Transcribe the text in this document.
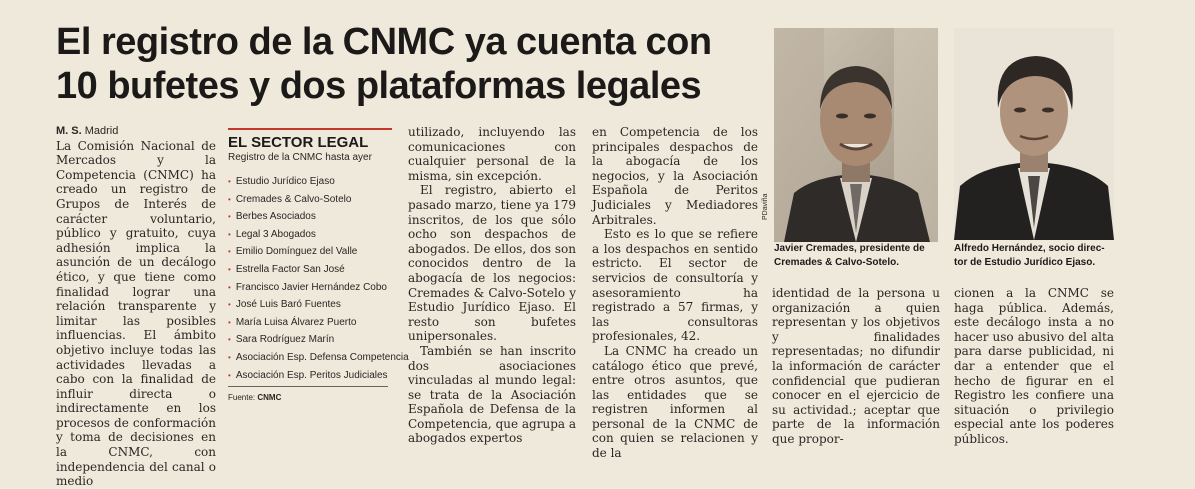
El registro de la CNMC ya cuenta con
10 bufetes y dos plataformas legales
M. S. Madrid

La Comisión Nacional de Mercados y la Competencia (CNMC) ha creado un registro de Grupos de Interés de carácter voluntario, público y gratuito, cuya adhesión implica la asunción de un decálogo ético, y que tiene como finalidad lograr una relación transparente y limitar las posibles influencias. El ámbito objetivo incluye todas las actividades llevadas a cabo con la finalidad de influir directa o indirectamente en los procesos de conformación y toma de decisiones en la CNMC, con independencia del canal o medio

EL SECTOR LEGAL
Registro de la CNMC hasta ayer
• Estudio Jurídico Ejaso
• Cremades & Calvo-Sotelo
• Berbes Asociados
• Legal 3 Abogados
• Emilio Domínguez del Valle
• Estrella Factor San José
• Francisco Javier Hernández Cobo
• José Luis Baró Fuentes
• María Luisa Álvarez Puerto
• Sara Rodríguez Marín
• Asociación Esp. Defensa Competencia
• Asociación Esp. Peritos Judiciales
Fuente: CNMC

utilizado, incluyendo las comunicaciones con cualquier personal de la misma, sin excepción.

El registro, abierto el pasado marzo, tiene ya 179 inscritos, de los que sólo ocho son despachos de abogados. De ellos, dos son conocidos dentro de la abogacía de los negocios: Cremades & Calvo-Sotelo y Estudio Jurídico Ejaso. El resto son bufetes unipersonales.

También se han inscrito dos asociaciones vinculadas al mundo legal: se trata de la Asociación Española de Defensa de la Competencia, que agrupa a abogados expertos

en Competencia de los principales despachos de la abogacía de los negocios, y la Asociación Española de Peritos Judiciales y Mediadores Arbitrales.

Esto es lo que se refiere a los despachos en sentido estricto. El sector de servicios de consultoría y asesoramiento ha registrado a 57 firmas, y las consultoras profesionales, 42.

La CNMC ha creado un catálogo ético que prevé, entre otros asuntos, que las entidades que se registren informen al personal de la CNMC de con quien se relacionen y de la

PDaviña
Javier Cremades, presidente de
Cremades & Calvo-Sotelo.
Alfredo Hernández, socio direc-
tor de Estudio Jurídico Ejaso.

identidad de la persona u organización a quien representan y los objetivos y finalidades representadas; no difundir la información de carácter confidencial que pudieran conocer en el ejercicio de su actividad.; aceptar que parte de la información que propor-

cionen a la CNMC se haga pública. Además, este decálogo insta a no hacer uso abusivo del alta para darse publicidad, ni dar a entender que el hecho de figurar en el Registro les confiere una situación o privilegio especial ante los poderes públicos.
